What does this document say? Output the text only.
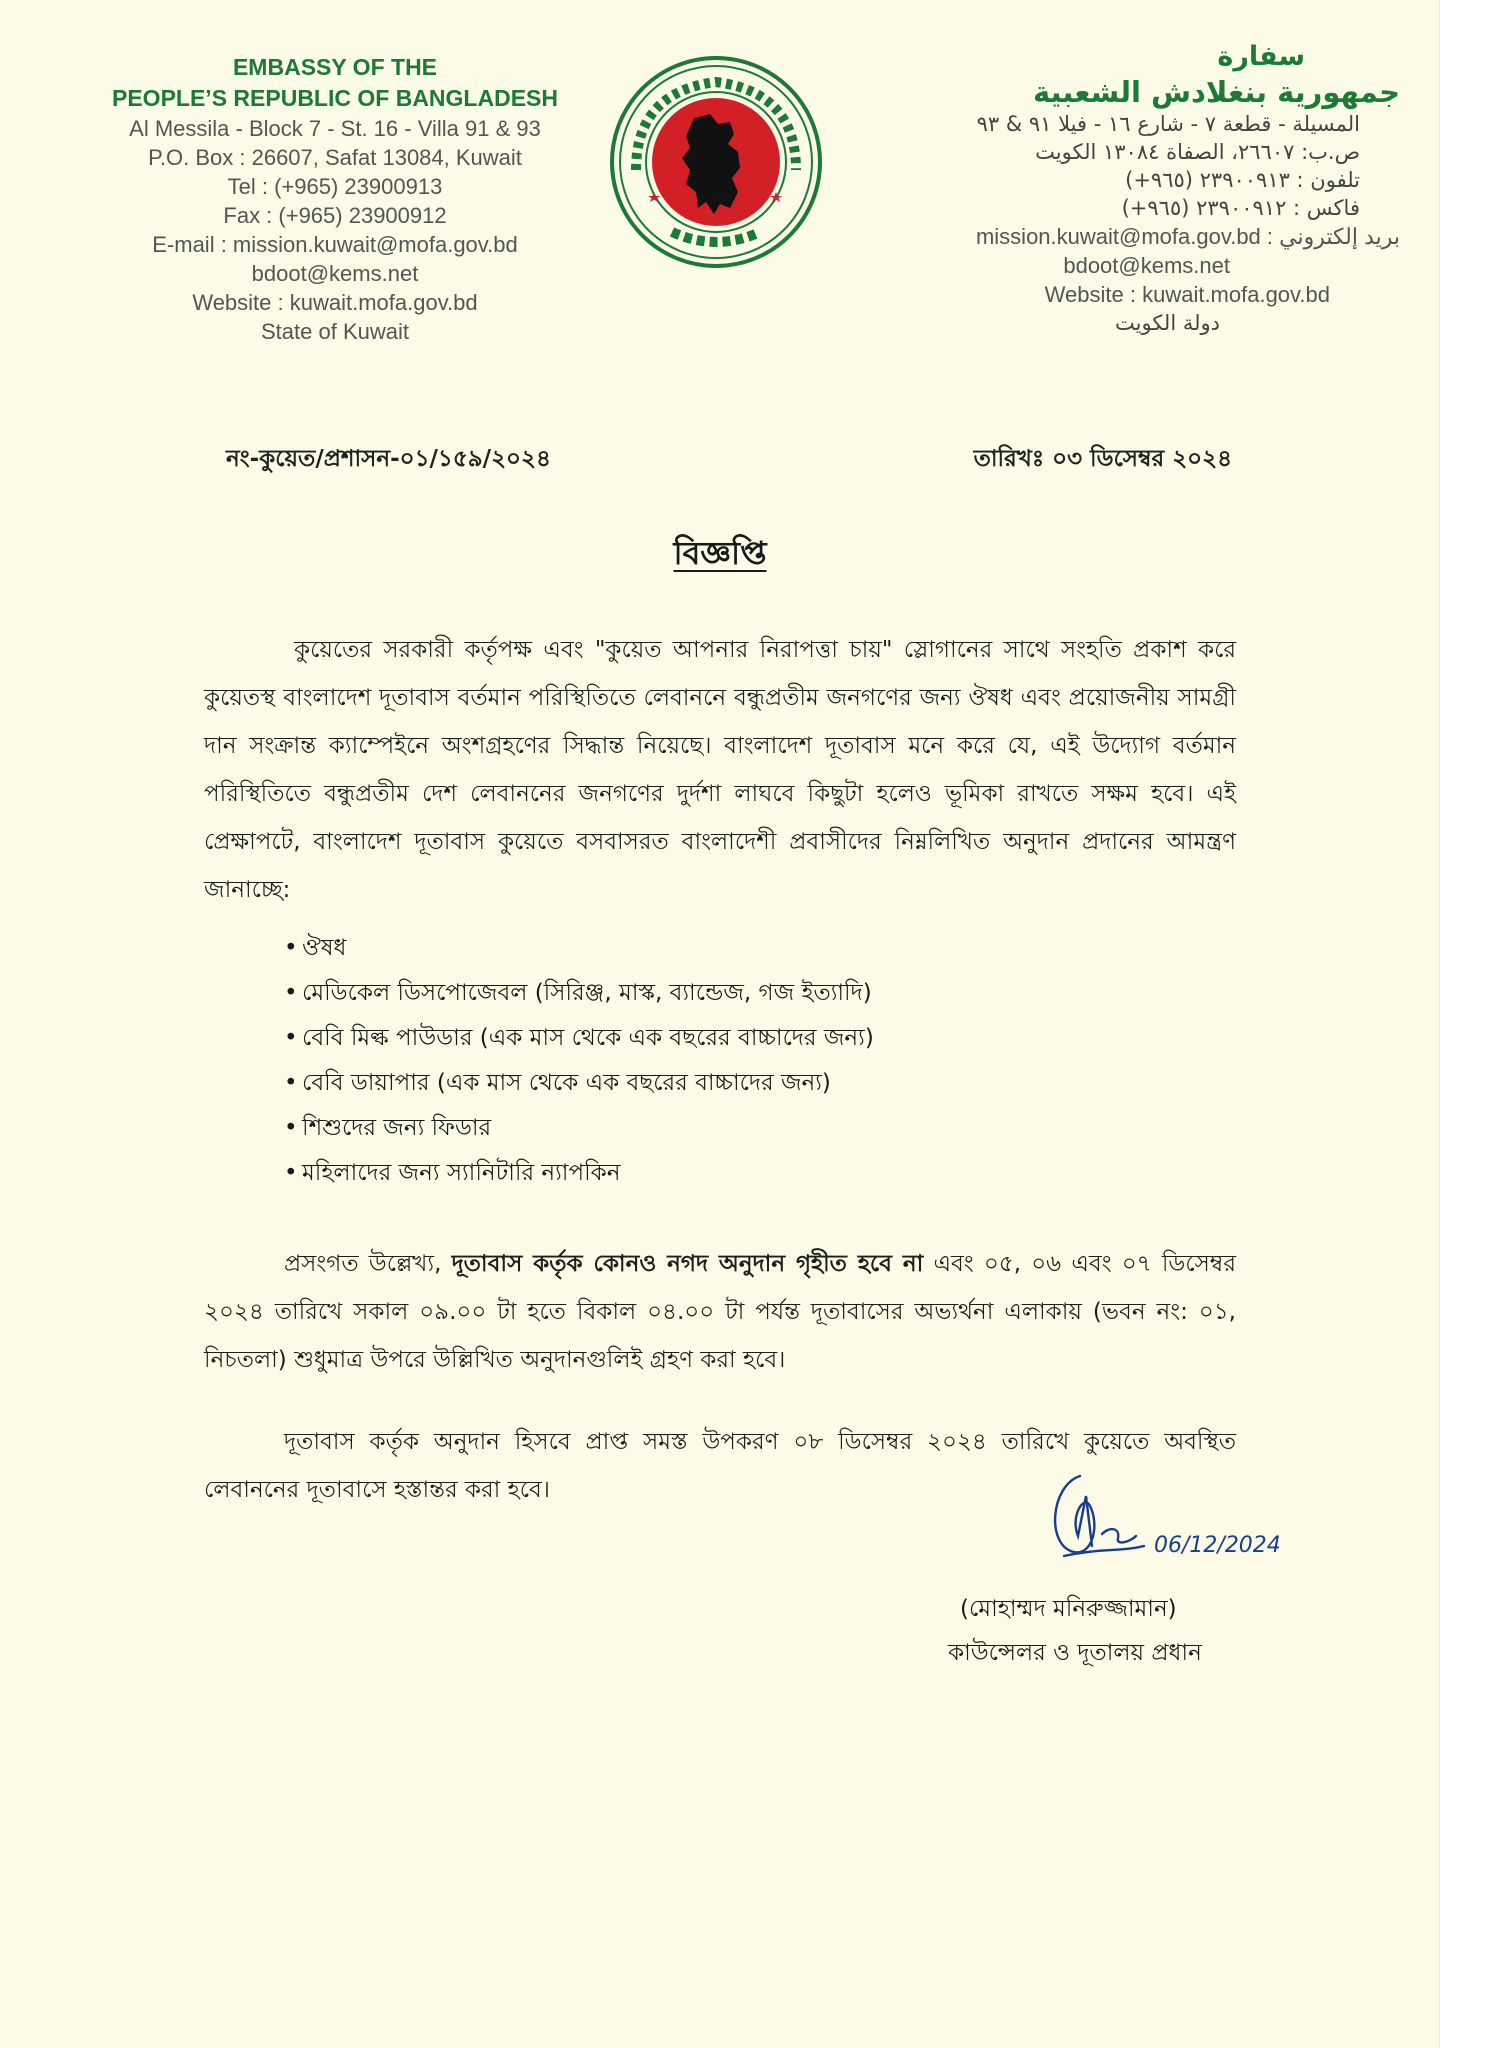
EMBASSY OF THE
PEOPLE’S REPUBLIC OF BANGLADESH
Al Messila - Block 7 - St. 16 - Villa 91 & 93
P.O. Box : 26607, Safat 13084, Kuwait
Tel : (+965) 23900913
Fax : (+965) 23900912
E-mail : mission.kuwait@mofa.gov.bd
bdoot@kems.net
Website : kuwait.mofa.gov.bd
State of Kuwait
سفارة
جمهورية بنغلادش الشعبية
المسيلة - قطعة ٧ - شارع ١٦ - فيلا ٩١ & ٩٣
ص.ب: ٢٦٦٠٧، الصفاة ١٣٠٨٤ الكويت
تلفون : ٢٣٩٠٠٩١٣ (٩٦٥+)
فاكس : ٢٣٩٠٠٩١٢ (٩٦٥+)
mission.kuwait@mofa.gov.bd : بريد إلكتروني
bdoot@kems.net
Website : kuwait.mofa.gov.bd
دولة الكويت
নং-কুয়েত/প্রশাসন-০১/১৫৯/২০২৪	তারিখঃ ০৩ ডিসেম্বর ২০২৪
বিজ্ঞপ্তি
কুয়েতের সরকারী কর্তৃপক্ষ এবং "কুয়েত আপনার নিরাপত্তা চায়" স্লোগানের সাথে সংহতি প্রকাশ করে কুয়েতস্থ বাংলাদেশ দূতাবাস বর্তমান পরিস্থিতিতে লেবাননে বন্ধুপ্রতীম জনগণের জন্য ঔষধ এবং প্রয়োজনীয় সামগ্রী দান সংক্রান্ত ক্যাম্পেইনে অংশগ্রহণের সিদ্ধান্ত নিয়েছে। বাংলাদেশ দূতাবাস মনে করে যে, এই উদ্যোগ বর্তমান পরিস্থিতিতে বন্ধুপ্রতীম দেশ লেবাননের জনগণের দুর্দশা লাঘবে কিছুটা হলেও ভূমিকা রাখতে সক্ষম হবে। এই প্রেক্ষাপটে, বাংলাদেশ দূতাবাস কুয়েতে বসবাসরত বাংলাদেশী প্রবাসীদের নিম্নলিখিত অনুদান প্রদানের আমন্ত্রণ জানাচ্ছে:
• ঔষধ
• মেডিকেল ডিসপোজেবল (সিরিঞ্জ, মাস্ক, ব্যান্ডেজ, গজ ইত্যাদি)
• বেবি মিল্ক পাউডার (এক মাস থেকে এক বছরের বাচ্চাদের জন্য)
• বেবি ডায়াপার (এক মাস থেকে এক বছরের বাচ্চাদের জন্য)
• শিশুদের জন্য ফিডার
• মহিলাদের জন্য স্যানিটারি ন্যাপকিন
প্রসংগত উল্লেখ্য, দূতাবাস কর্তৃক কোনও নগদ অনুদান গৃহীত হবে না এবং ০৫, ০৬ এবং ০৭ ডিসেম্বর ২০২৪ তারিখে সকাল ০৯.০০ টা হতে বিকাল ০৪.০০ টা পর্যন্ত দূতাবাসের অভ্যর্থনা এলাকায় (ভবন নং: ০১, নিচতলা) শুধুমাত্র উপরে উল্লিখিত অনুদানগুলিই গ্রহণ করা হবে।
দূতাবাস কর্তৃক অনুদান হিসবে প্রাপ্ত সমস্ত উপকরণ ০৮ ডিসেম্বর ২০২৪ তারিখে কুয়েতে অবস্থিত লেবাননের দূতাবাসে হস্তান্তর করা হবে।
06/12/2024
(মোহাম্মদ মনিরুজ্জামান)
কাউন্সেলর ও দূতালয় প্রধান
